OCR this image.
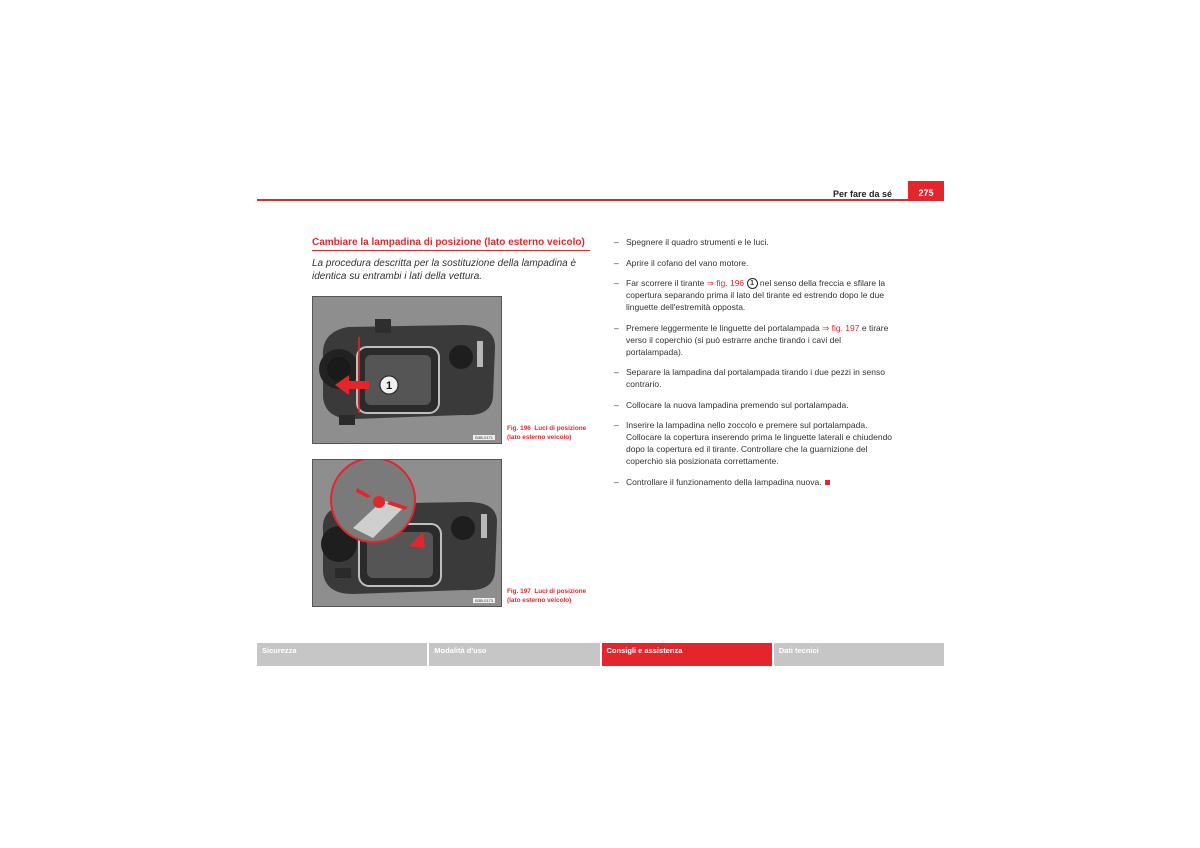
Per fare da sé	275
Cambiare la lampadina di posizione (lato esterno veicolo)
La procedura descritta per la sostituzione della lampadina è identica su entrambi i lati della vettura.
1
B3B-0171
Fig. 196 Luci di posizione (lato esterno veicolo)
B3B-0173
Fig. 197 Luci di posizione (lato esterno veicolo)
– Spegnere il quadro strumenti e le luci.
– Aprire il cofano del vano motore.
– Far scorrere il tirante ⇒ fig. 196 1 nel senso della freccia e sfilare la copertura separando prima il lato del tirante ed estrendo dopo le due linguette dell'estremità opposta.
– Premere leggermente le linguette del portalampada ⇒ fig. 197 e tirare verso il coperchio (si può estrarre anche tirando i cavi del portalampada).
– Separare la lampadina dal portalampada tirando i due pezzi in senso contrario.
– Collocare la nuova lampadina premendo sul portalampada.
– Inserire la lampadina nello zoccolo e premere sul portalampada. Collocare la copertura inserendo prima le linguette laterali e chiudendo dopo la copertura ed il tirante. Controllare che la guarnizione del coperchio sia posizionata correttamente.
– Controllare il funzionamento della lampadina nuova.
Sicurezza	Modalità d'uso	Consigli e assistenza	Dati tecnici
